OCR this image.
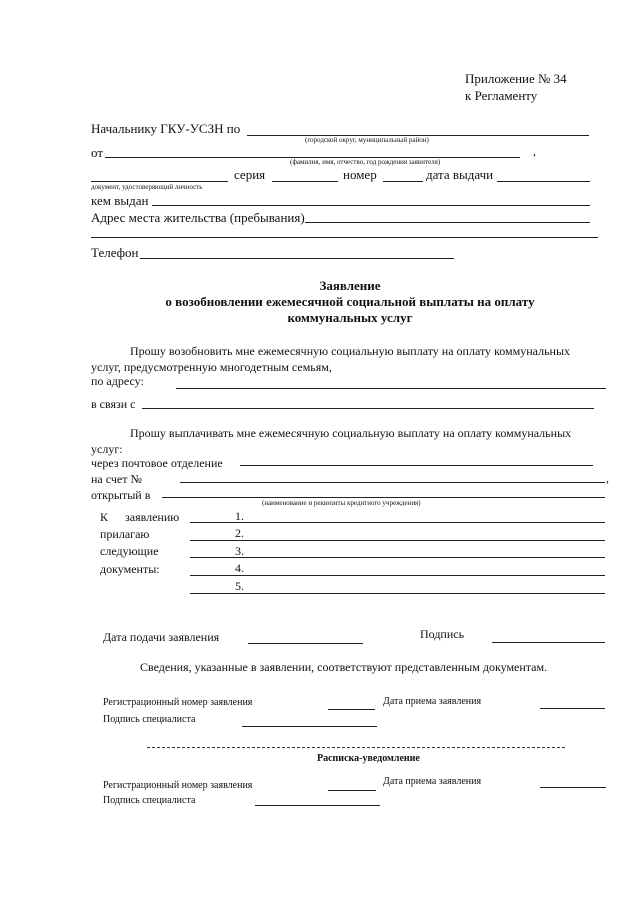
Приложение № 34
к Регламенту
Начальнику ГКУ-УСЗН по
(городской округ, муниципальный район)
от	,
(фамилия, имя, отчество, год рождения заявителя)
серия	номер	дата выдачи
документ, удостоверяющий личность
кем выдан
Адрес места жительства (пребывания)
Телефон
Заявление
о возобновлении ежемесячной социальной выплаты на оплату
коммунальных услуг
Прошу возобновить мне ежемесячную социальную выплату на оплату коммунальных
услуг, предусмотренную многодетным семьям,
по адресу:
в связи с
Прошу выплачивать мне ежемесячную социальную выплату на оплату коммунальных
услуг:
через почтовое отделение
на счет №	,
открытый в
(наименование и реквизиты кредитного учреждения)
К заявлению
прилагаю
следующие
документы:
1.
2.
3.
4.
5.
Дата подачи заявления	Подпись
Сведения, указанные в заявлении, соответствуют представленным документам.
Регистрационный номер заявления	Дата приема заявления
Подпись специалиста
Расписка-уведомление
Регистрационный номер заявления	Дата приема заявления
Подпись специалиста
